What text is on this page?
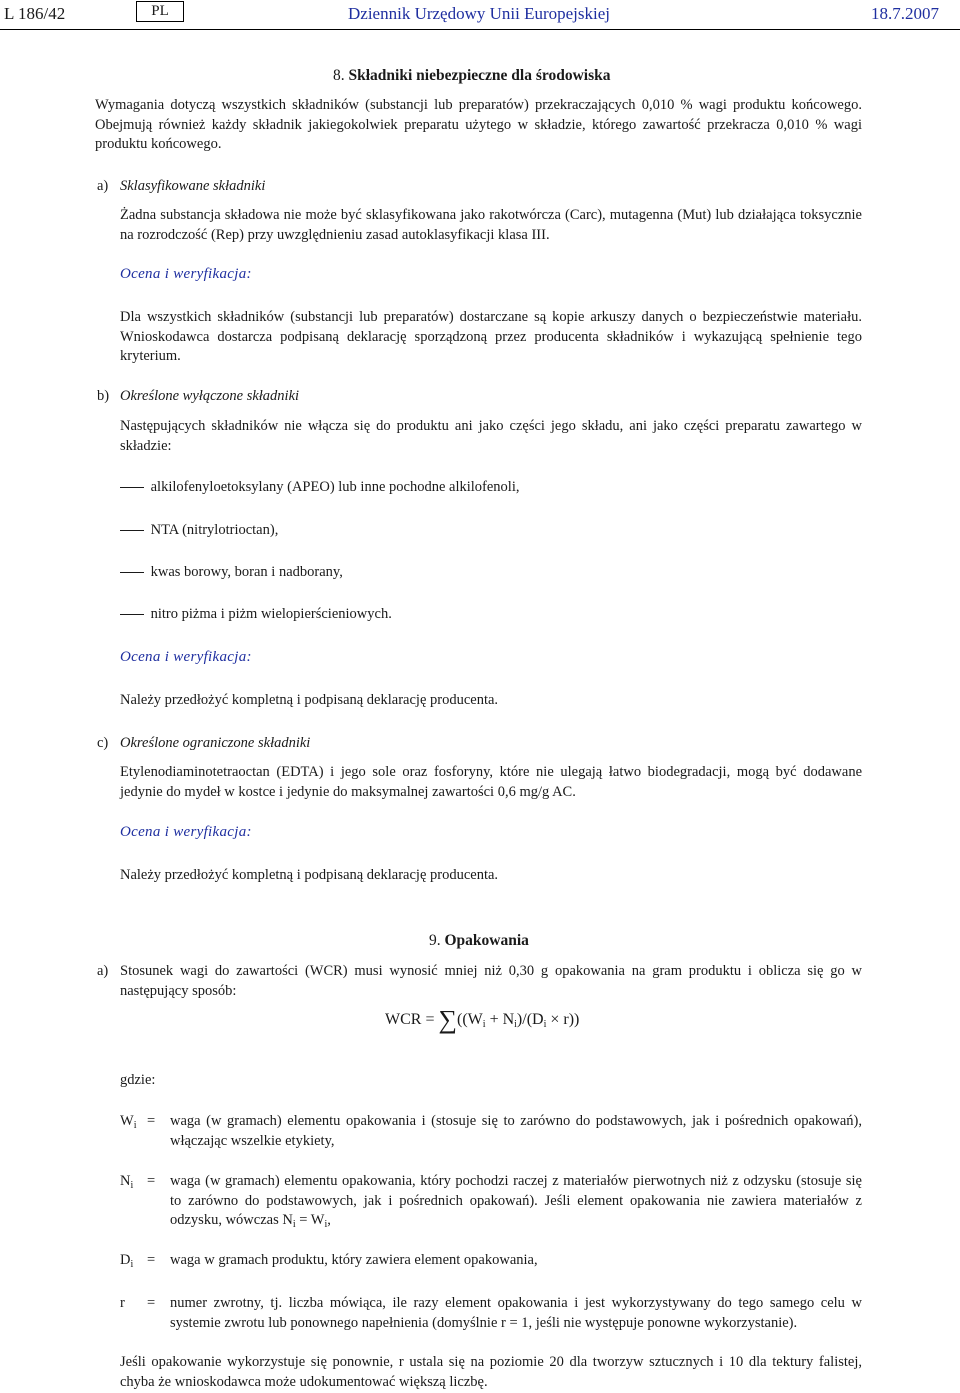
L 186/42	PL	Dziennik Urzędowy Unii Europejskiej	18.7.2007
8. Składniki niebezpieczne dla środowiska

Wymagania dotyczą wszystkich składników (substancji lub preparatów) przekraczających 0,010 % wagi produktu końcowego. Obejmują również każdy składnik jakiegokolwiek preparatu użytego w składzie, którego zawartość przekracza 0,010 % wagi produktu końcowego.

a) Sklasyfikowane składniki

Żadna substancja składowa nie może być sklasyfikowana jako rakotwórcza (Carc), mutagenna (Mut) lub działająca toksycznie na rozrodczość (Rep) przy uwzględnieniu zasad autoklasyfikacji klasa III.

Ocena i weryfikacja:

Dla wszystkich składników (substancji lub preparatów) dostarczane są kopie arkuszy danych o bezpieczeństwie materiału. Wnioskodawca dostarcza podpisaną deklarację sporządzoną przez producenta składników i wykazującą spełnienie tego kryterium.

b) Określone wyłączone składniki

Następujących składników nie włącza się do produktu ani jako części jego składu, ani jako części preparatu zawartego w składzie:

alkilofenyloetoksylany (APEO) lub inne pochodne alkilofenoli,
NTA (nitrylotrioctan),
kwas borowy, boran i nadborany,
nitro piżma i piżm wielopierścieniowych.
Ocena i weryfikacja:

Należy przedłożyć kompletną i podpisaną deklarację producenta.

c) Określone ograniczone składniki

Etylenodiaminotetraoctan (EDTA) i jego sole oraz fosforyny, które nie ulegają łatwo biodegradacji, mogą być dodawane jedynie do mydeł w kostce i jedynie do maksymalnej zawartości 0,6 mg/g AC.

Ocena i weryfikacja:

Należy przedłożyć kompletną i podpisaną deklarację producenta.

9. Opakowania
a) Stosunek wagi do zawartości (WCR) musi wynosić mniej niż 0,30 g opakowania na gram produktu i oblicza się go w następujący sposób:

WCR = $\sum((W_i + N_i)/(D_i \times r))$
gdzie:
$W_i$ = waga (w gramach) elementu opakowania i (stosuje się to zarówno do podstawowych, jak i pośrednich opakowań), włączając wszelkie etykiety,

$N_i$ = waga (w gramach) elementu opakowania, który pochodzi raczej z materiałów pierwotnych niż z odzysku (stosuje się to zarówno do podstawowych, jak i pośrednich opakowań). Jeśli element opakowania nie zawiera materiałów z odzysku, wówczas $N_i = W_i$,

$D_i$ = waga w gramach produktu, który zawiera element opakowania,

r = numer zwrotny, tj. liczba mówiąca, ile razy element opakowania i jest wykorzystywany do tego samego celu w systemie zwrotu lub ponownego napełnienia (domyślnie r = 1, jeśli nie występuje ponowne wykorzystanie).

Jeśli opakowanie wykorzystuje się ponownie, r ustala się na poziomie 20 dla tworzyw sztucznych i 10 dla tektury falistej, chyba że wnioskodawca może udokumentować większą liczbę.
